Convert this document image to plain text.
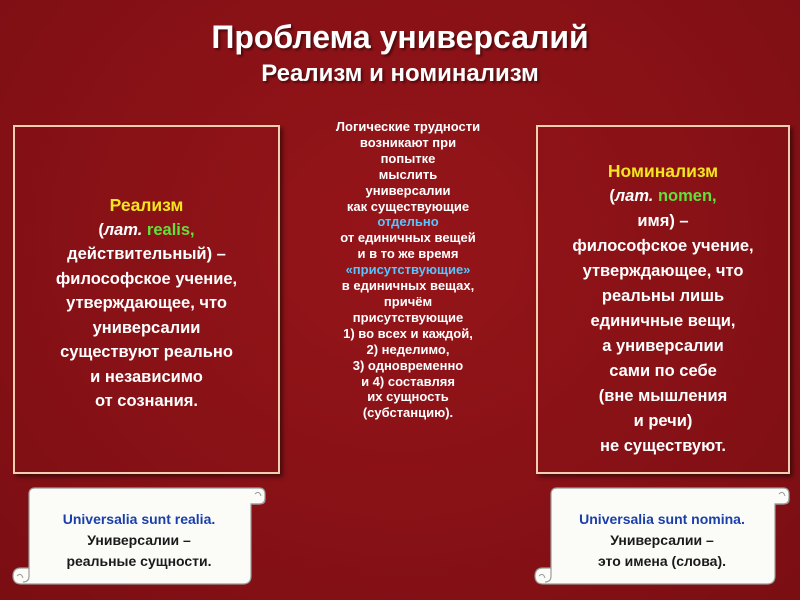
Проблема универсалий
Реализм и номинализм
Реализм
(лат. realis,
действительный) –
философское учение,
утверждающее, что
универсалии
существуют реально
и независимо
от сознания.
Логические трудности
возникают при
попытке
мыслить
универсалии
как существующие
отдельно
от единичных вещей
и в то же время
«присутствующие»
в единичных вещах,
причём
присутствующие
1) во всех и каждой,
2) неделимо,
3) одновременно
и 4) составляя
их сущность
(субстанцию).
Номинализм
(лат. nomen,
имя) –
философское учение,
утверждающее, что
реальны лишь
единичные вещи,
а универсалии
сами по себе
(вне мышления
и речи)
не существуют.
Universalia sunt realia.
Универсалии –
реальные сущности.
Universalia sunt nomina.
Универсалии –
это имена (слова).
